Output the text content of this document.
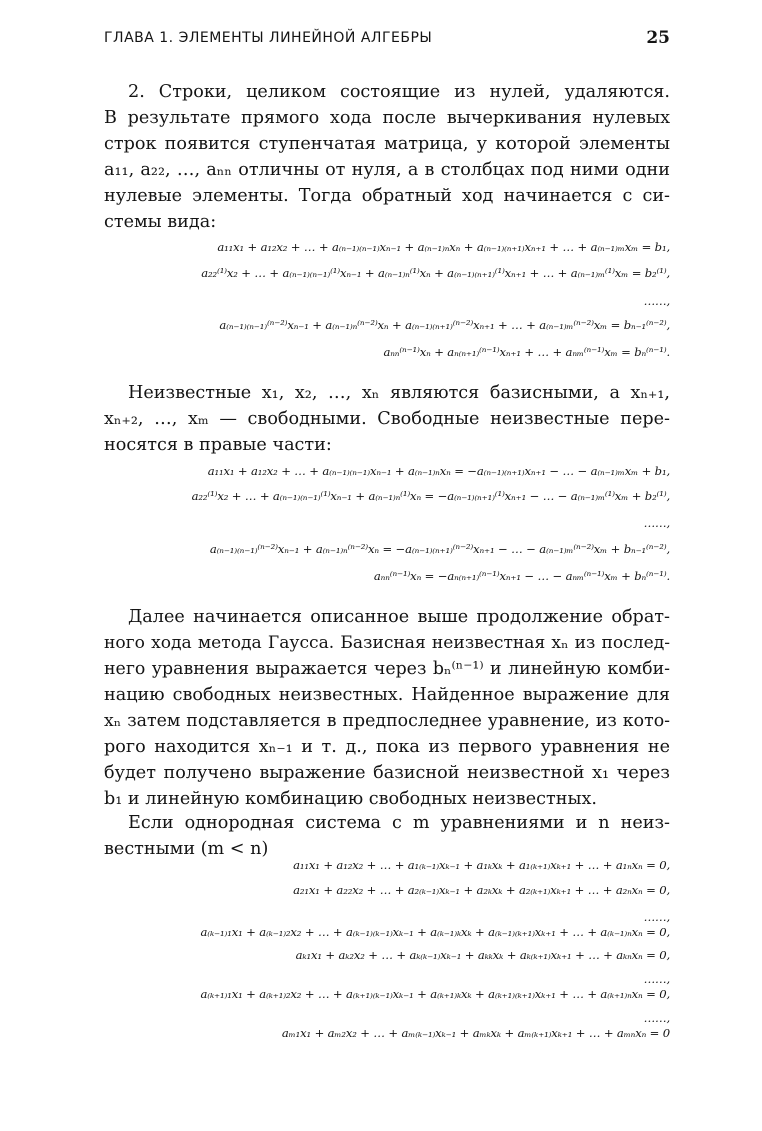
ГЛАВА 1. ЭЛЕМЕНТЫ ЛИНЕЙНОЙ АЛГЕБРЫ	25
2. Строки, целиком состоящие из нулей, удаляются.
В результате прямого хода после вычеркивания нулевых
строк появится ступенчатая матрица, у которой элементы
a₁₁, a₂₂, …, aₙₙ отличны от нуля, а в столбцах под ними одни
нулевые элементы. Тогда обратный ход начинается с си-
стемы вида:
a₁₁x₁ + a₁₂x₂ + … + a₍ₙ₋₁₎₍ₙ₋₁₎xₙ₋₁ + a₍ₙ₋₁₎ₙxₙ + a₍ₙ₋₁₎₍ₙ₊₁₎xₙ₊₁ + … + a₍ₙ₋₁₎ₘxₘ = b₁,
a₂₂⁽¹⁾x₂ + … + a₍ₙ₋₁₎₍ₙ₋₁₎⁽¹⁾xₙ₋₁ + a₍ₙ₋₁₎ₙ⁽¹⁾xₙ + a₍ₙ₋₁₎₍ₙ₊₁₎⁽¹⁾xₙ₊₁ + … + a₍ₙ₋₁₎ₘ⁽¹⁾xₘ = b₂⁽¹⁾,
……,
a₍ₙ₋₁₎₍ₙ₋₁₎⁽ⁿ⁻²⁾xₙ₋₁ + a₍ₙ₋₁₎ₙ⁽ⁿ⁻²⁾xₙ + a₍ₙ₋₁₎₍ₙ₊₁₎⁽ⁿ⁻²⁾xₙ₊₁ + … + a₍ₙ₋₁₎ₘ⁽ⁿ⁻²⁾xₘ = bₙ₋₁⁽ⁿ⁻²⁾,
aₙₙ⁽ⁿ⁻¹⁾xₙ + aₙ₍ₙ₊₁₎⁽ⁿ⁻¹⁾xₙ₊₁ + … + aₙₘ⁽ⁿ⁻¹⁾xₘ = bₙ⁽ⁿ⁻¹⁾.
Неизвестные x₁, x₂, …, xₙ являются базисными, а xₙ₊₁,
xₙ₊₂, …, xₘ — свободными. Свободные неизвестные пере-
носятся в правые части:
a₁₁x₁ + a₁₂x₂ + … + a₍ₙ₋₁₎₍ₙ₋₁₎xₙ₋₁ + a₍ₙ₋₁₎ₙxₙ = −a₍ₙ₋₁₎₍ₙ₊₁₎xₙ₊₁ − … − a₍ₙ₋₁₎ₘxₘ + b₁,
a₂₂⁽¹⁾x₂ + … + a₍ₙ₋₁₎₍ₙ₋₁₎⁽¹⁾xₙ₋₁ + a₍ₙ₋₁₎ₙ⁽¹⁾xₙ = −a₍ₙ₋₁₎₍ₙ₊₁₎⁽¹⁾xₙ₊₁ − … − a₍ₙ₋₁₎ₘ⁽¹⁾xₘ + b₂⁽¹⁾,
……,
a₍ₙ₋₁₎₍ₙ₋₁₎⁽ⁿ⁻²⁾xₙ₋₁ + a₍ₙ₋₁₎ₙ⁽ⁿ⁻²⁾xₙ = −a₍ₙ₋₁₎₍ₙ₊₁₎⁽ⁿ⁻²⁾xₙ₊₁ − … − a₍ₙ₋₁₎ₘ⁽ⁿ⁻²⁾xₘ + bₙ₋₁⁽ⁿ⁻²⁾,
aₙₙ⁽ⁿ⁻¹⁾xₙ = −aₙ₍ₙ₊₁₎⁽ⁿ⁻¹⁾xₙ₊₁ − … − aₙₘ⁽ⁿ⁻¹⁾xₘ + bₙ⁽ⁿ⁻¹⁾.
Далее начинается описанное выше продолжение обрат-
ного хода метода Гаусса. Базисная неизвестная xₙ из послед-
него уравнения выражается через bₙ⁽ⁿ⁻¹⁾ и линейную комби-
нацию свободных неизвестных. Найденное выражение для
xₙ затем подставляется в предпоследнее уравнение, из кото-
рого находится xₙ₋₁ и т. д., пока из первого уравнения не
будет получено выражение базисной неизвестной x₁ через
b₁ и линейную комбинацию свободных неизвестных.
Если однородная система с m уравнениями и n неиз-
вестными (m < n)
a₁₁x₁ + a₁₂x₂ + … + a₁₍ₖ₋₁₎xₖ₋₁ + a₁ₖxₖ + a₁₍ₖ₊₁₎xₖ₊₁ + … + a₁ₙxₙ = 0,
a₂₁x₁ + a₂₂x₂ + … + a₂₍ₖ₋₁₎xₖ₋₁ + a₂ₖxₖ + a₂₍ₖ₊₁₎xₖ₊₁ + … + a₂ₙxₙ = 0,
……,
a₍ₖ₋₁₎₁x₁ + a₍ₖ₋₁₎₂x₂ + … + a₍ₖ₋₁₎₍ₖ₋₁₎xₖ₋₁ + a₍ₖ₋₁₎ₖxₖ + a₍ₖ₋₁₎₍ₖ₊₁₎xₖ₊₁ + … + a₍ₖ₋₁₎ₙxₙ = 0,
aₖ₁x₁ + aₖ₂x₂ + … + aₖ₍ₖ₋₁₎xₖ₋₁ + aₖₖxₖ + aₖ₍ₖ₊₁₎xₖ₊₁ + … + aₖₙxₙ = 0,
……,
a₍ₖ₊₁₎₁x₁ + a₍ₖ₊₁₎₂x₂ + … + a₍ₖ₊₁₎₍ₖ₋₁₎xₖ₋₁ + a₍ₖ₊₁₎ₖxₖ + a₍ₖ₊₁₎₍ₖ₊₁₎xₖ₊₁ + … + a₍ₖ₊₁₎ₙxₙ = 0,
……,
aₘ₁x₁ + aₘ₂x₂ + … + aₘ₍ₖ₋₁₎xₖ₋₁ + aₘₖxₖ + aₘ₍ₖ₊₁₎xₖ₊₁ + … + aₘₙxₙ = 0
